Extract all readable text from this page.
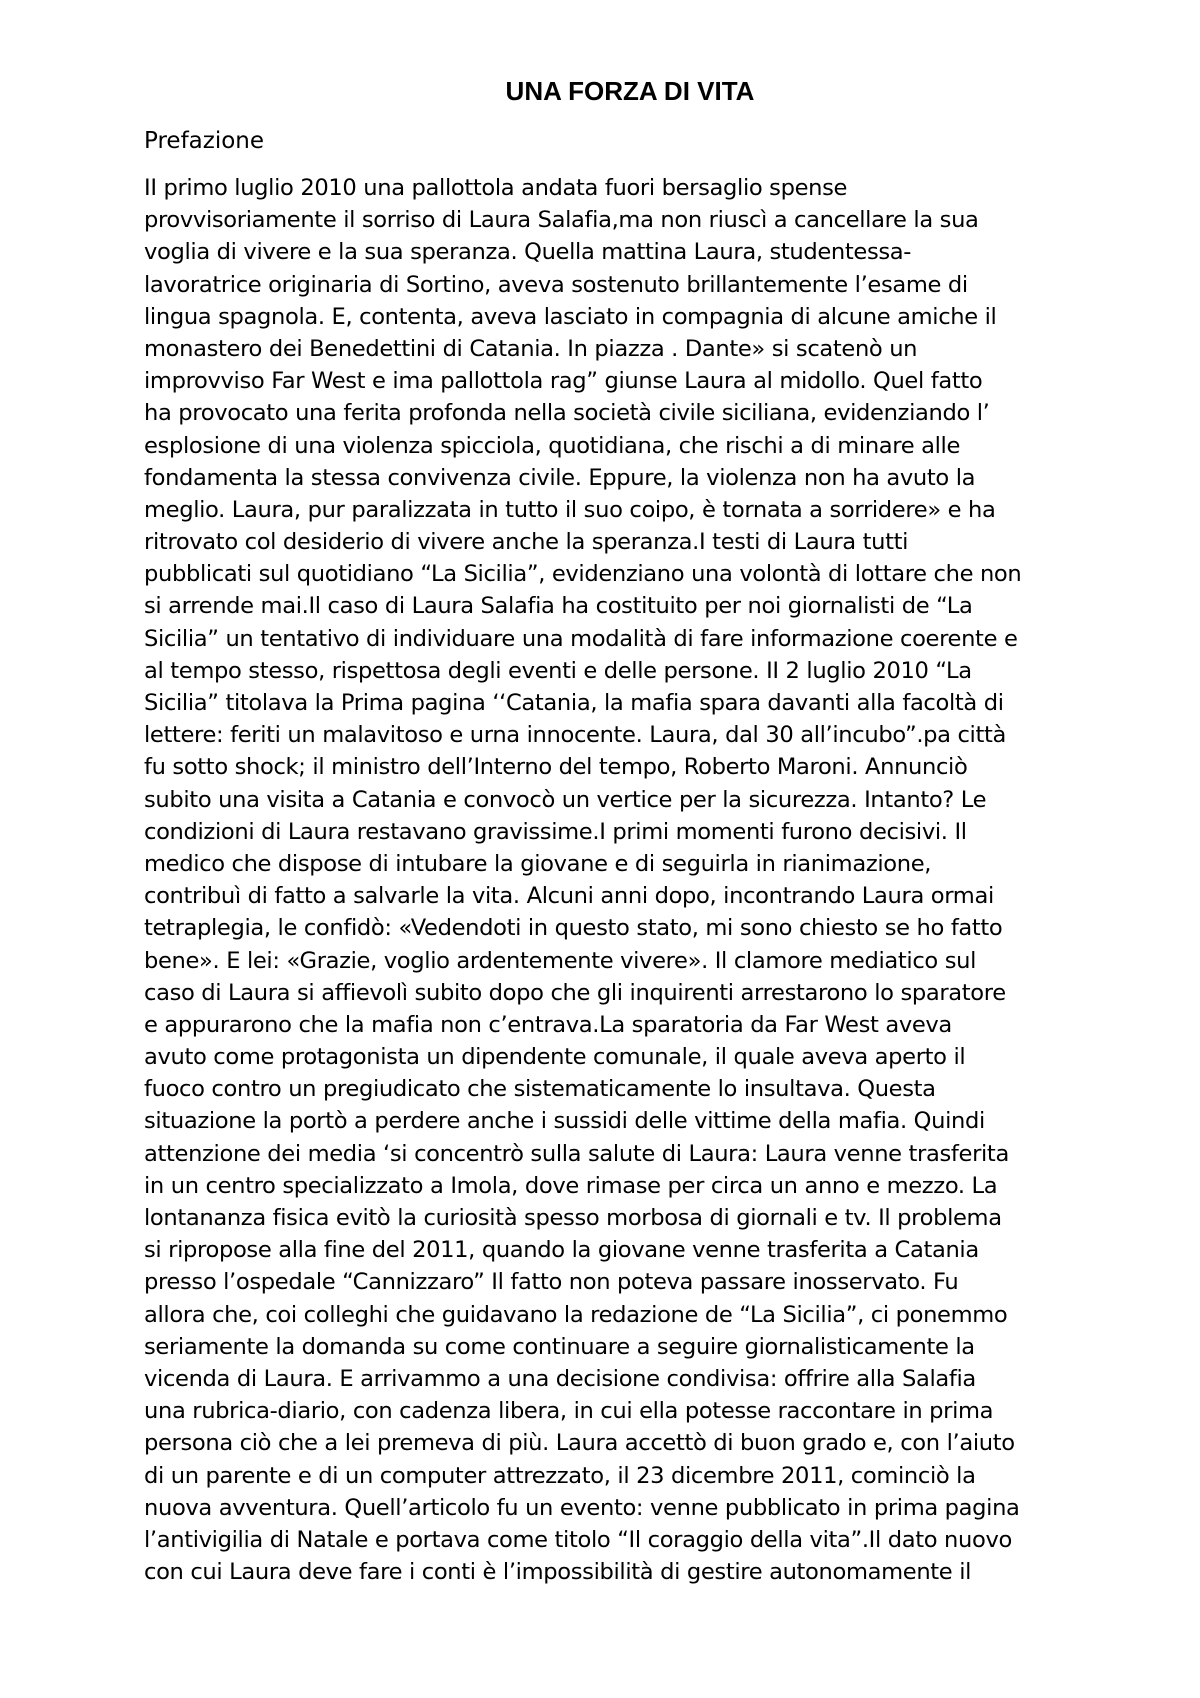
UNA FORZA DI VITA
Prefazione
II primo luglio 2010 una pallottola andata fuori bersaglio spense
provvisoriamente il sorriso di Laura Salafia,ma non riuscì a cancellare la sua
voglia di vivere e la sua speranza. Quella mattina Laura, studentessa-
lavoratrice originaria di Sortino, aveva sostenuto brillantemente l’esame di
lingua spagnola. E, contenta, aveva lasciato in compagnia di alcune amiche il
monastero dei Benedettini di Catania. In piazza . Dante» si scatenò un
improvviso Far West e ima pallottola rag” giunse Laura al midollo. Quel fatto
ha provocato una ferita profonda nella società civile siciliana, evidenziando l’
esplosione di una violenza spicciola, quotidiana, che rischi a di minare alle
fondamenta la stessa convivenza civile. Eppure, la violenza non ha avuto la
meglio. Laura, pur paralizzata in tutto il suo coipo, è tornata a sorridere» e ha
ritrovato col desiderio di vivere anche la speranza.I testi di Laura tutti
pubblicati sul quotidiano “La Sicilia”, evidenziano una volontà di lottare che non
si arrende mai.Il caso di Laura Salafia ha costituito per noi giornalisti de “La
Sicilia” un tentativo di individuare una modalità di fare informazione coerente e
al tempo stesso, rispettosa degli eventi e delle persone. II 2 luglio 2010 “La
Sicilia” titolava la Prima pagina ‘‘Catania, la mafia spara davanti alla facoltà di
lettere: feriti un malavitoso e urna innocente. Laura, dal 30 all’incubo”.pa città
fu sotto shock; il ministro dell’Interno del tempo, Roberto Maroni. Annunciò
subito una visita a Catania e convocò un vertice per la sicurezza. Intanto? Le
condizioni di Laura restavano gravissime.I primi momenti furono decisivi. Il
medico che dispose di intubare la giovane e di seguirla in rianimazione,
contribuì di fatto a salvarle la vita. Alcuni anni dopo, incontrando Laura ormai
tetraplegia, le confidò: «Vedendoti in questo stato, mi sono chiesto se ho fatto
bene». E lei: «Grazie, voglio ardentemente vivere». Il clamore mediatico sul
caso di Laura si affievolì subito dopo che gli inquirenti arrestarono lo sparatore
e appurarono che la mafia non c’entrava.La sparatoria da Far West aveva
avuto come protagonista un dipendente comunale, il quale aveva aperto il
fuoco contro un pregiudicato che sistematicamente lo insultava. Questa
situazione la portò a perdere anche i sussidi delle vittime della mafia. Quindi
attenzione dei media ‘si concentrò sulla salute di Laura: Laura venne trasferita
in un centro specializzato a Imola, dove rimase per circa un anno e mezzo. La
lontananza fisica evitò la curiosità spesso morbosa di giornali e tv. Il problema
si ripropose alla fine del 2011, quando la giovane venne trasferita a Catania
presso l’ospedale “Cannizzaro” Il fatto non poteva passare inosservato. Fu
allora che, coi colleghi che guidavano la redazione de “La Sicilia”, ci ponemmo
seriamente la domanda su come continuare a seguire giornalisticamente la
vicenda di Laura. E arrivammo a una decisione condivisa: offrire alla Salafia
una rubrica-diario, con cadenza libera, in cui ella potesse raccontare in prima
persona ciò che a lei premeva di più. Laura accettò di buon grado e, con l’aiuto
di un parente e di un computer attrezzato, il 23 dicembre 2011, cominciò la
nuova avventura. Quell’articolo fu un evento: venne pubblicato in prima pagina
l’antivigilia di Natale e portava come titolo “Il coraggio della vita”.Il dato nuovo
con cui Laura deve fare i conti è l’impossibilità di gestire autonomamente il
